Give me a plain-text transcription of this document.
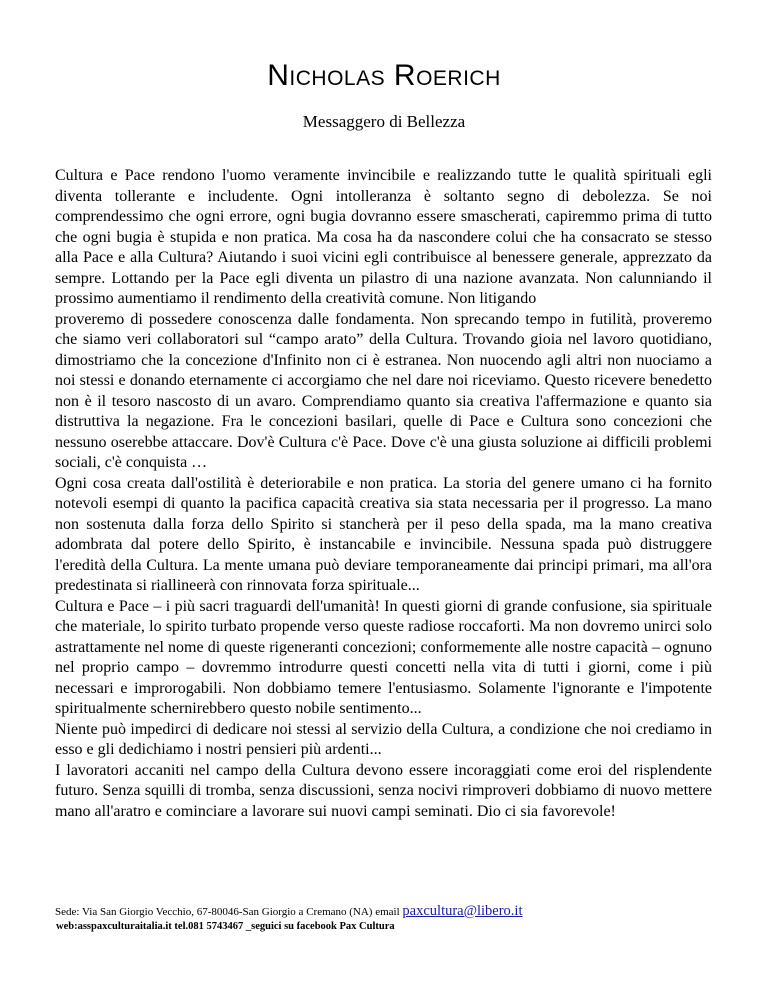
Nicholas Roerich

Messaggero di Bellezza

Cultura e Pace rendono l'uomo veramente invincibile e realizzando tutte le qualità spirituali egli diventa tollerante e includente. Ogni intolleranza è soltanto segno di debolezza. Se noi comprendessimo che ogni errore, ogni bugia dovranno essere smascherati, capiremmo prima di tutto che ogni bugia è stupida e non pratica. Ma cosa ha da nascondere colui che ha consacrato se stesso alla Pace e alla Cultura? Aiutando i suoi vicini egli contribuisce al benessere generale, apprezzato da sempre. Lottando per la Pace egli diventa un pilastro di una nazione avanzata. Non calunniando il prossimo aumentiamo il rendimento della creatività comune. Non litigando

proveremo di possedere conoscenza dalle fondamenta. Non sprecando tempo in futilità, proveremo che siamo veri collaboratori sul “campo arato” della Cultura. Trovando gioia nel lavoro quotidiano, dimostriamo che la concezione d'Infinito non ci è estranea. Non nuocendo agli altri non nuociamo a noi stessi e donando eternamente ci accorgiamo che nel dare noi riceviamo. Questo ricevere benedetto non è il tesoro nascosto di un avaro. Comprendiamo quanto sia creativa l'affermazione e quanto sia distruttiva la negazione. Fra le concezioni basilari, quelle di Pace e Cultura sono concezioni che nessuno oserebbe attaccare. Dov'è Cultura c'è Pace. Dove c'è una giusta soluzione ai difficili problemi sociali, c'è conquista …

Ogni cosa creata dall'ostilità è deteriorabile e non pratica. La storia del genere umano ci ha fornito notevoli esempi di quanto la pacifica capacità creativa sia stata necessaria per il progresso. La mano non sostenuta dalla forza dello Spirito si stancherà per il peso della spada, ma la mano creativa adombrata dal potere dello Spirito, è instancabile e invincibile. Nessuna spada può distruggere l'eredità della Cultura. La mente umana può deviare temporaneamente dai principi primari, ma all'ora predestinata si riallineerà con rinnovata forza spirituale...

Cultura e Pace – i più sacri traguardi dell'umanità! In questi giorni di grande confusione, sia spirituale che materiale, lo spirito turbato propende verso queste radiose roccaforti. Ma non dovremo unirci solo astrattamente nel nome di queste rigeneranti concezioni; conformemente alle nostre capacità – ognuno nel proprio campo – dovremmo introdurre questi concetti nella vita di tutti i giorni, come i più necessari e improrogabili. Non dobbiamo temere l'entusiasmo. Solamente l'ignorante e l'impotente spiritualmente schernirebbero questo nobile sentimento...

Niente può impedirci di dedicare noi stessi al servizio della Cultura, a condizione che noi crediamo in esso e gli dedichiamo i nostri pensieri più ardenti...

I lavoratori accaniti nel campo della Cultura devono essere incoraggiati come eroi del risplendente futuro. Senza squilli di tromba, senza discussioni, senza nocivi rimproveri dobbiamo di nuovo mettere mano all'aratro e cominciare a lavorare sui nuovi campi seminati. Dio ci sia favorevole!

Sede: Via San Giorgio Vecchio, 67-80046-San Giorgio a Cremano (NA) email paxcultura@libero.it
web:asspaxculturaitalia.it tel.081 5743467 _seguici su facebook Pax Cultura
